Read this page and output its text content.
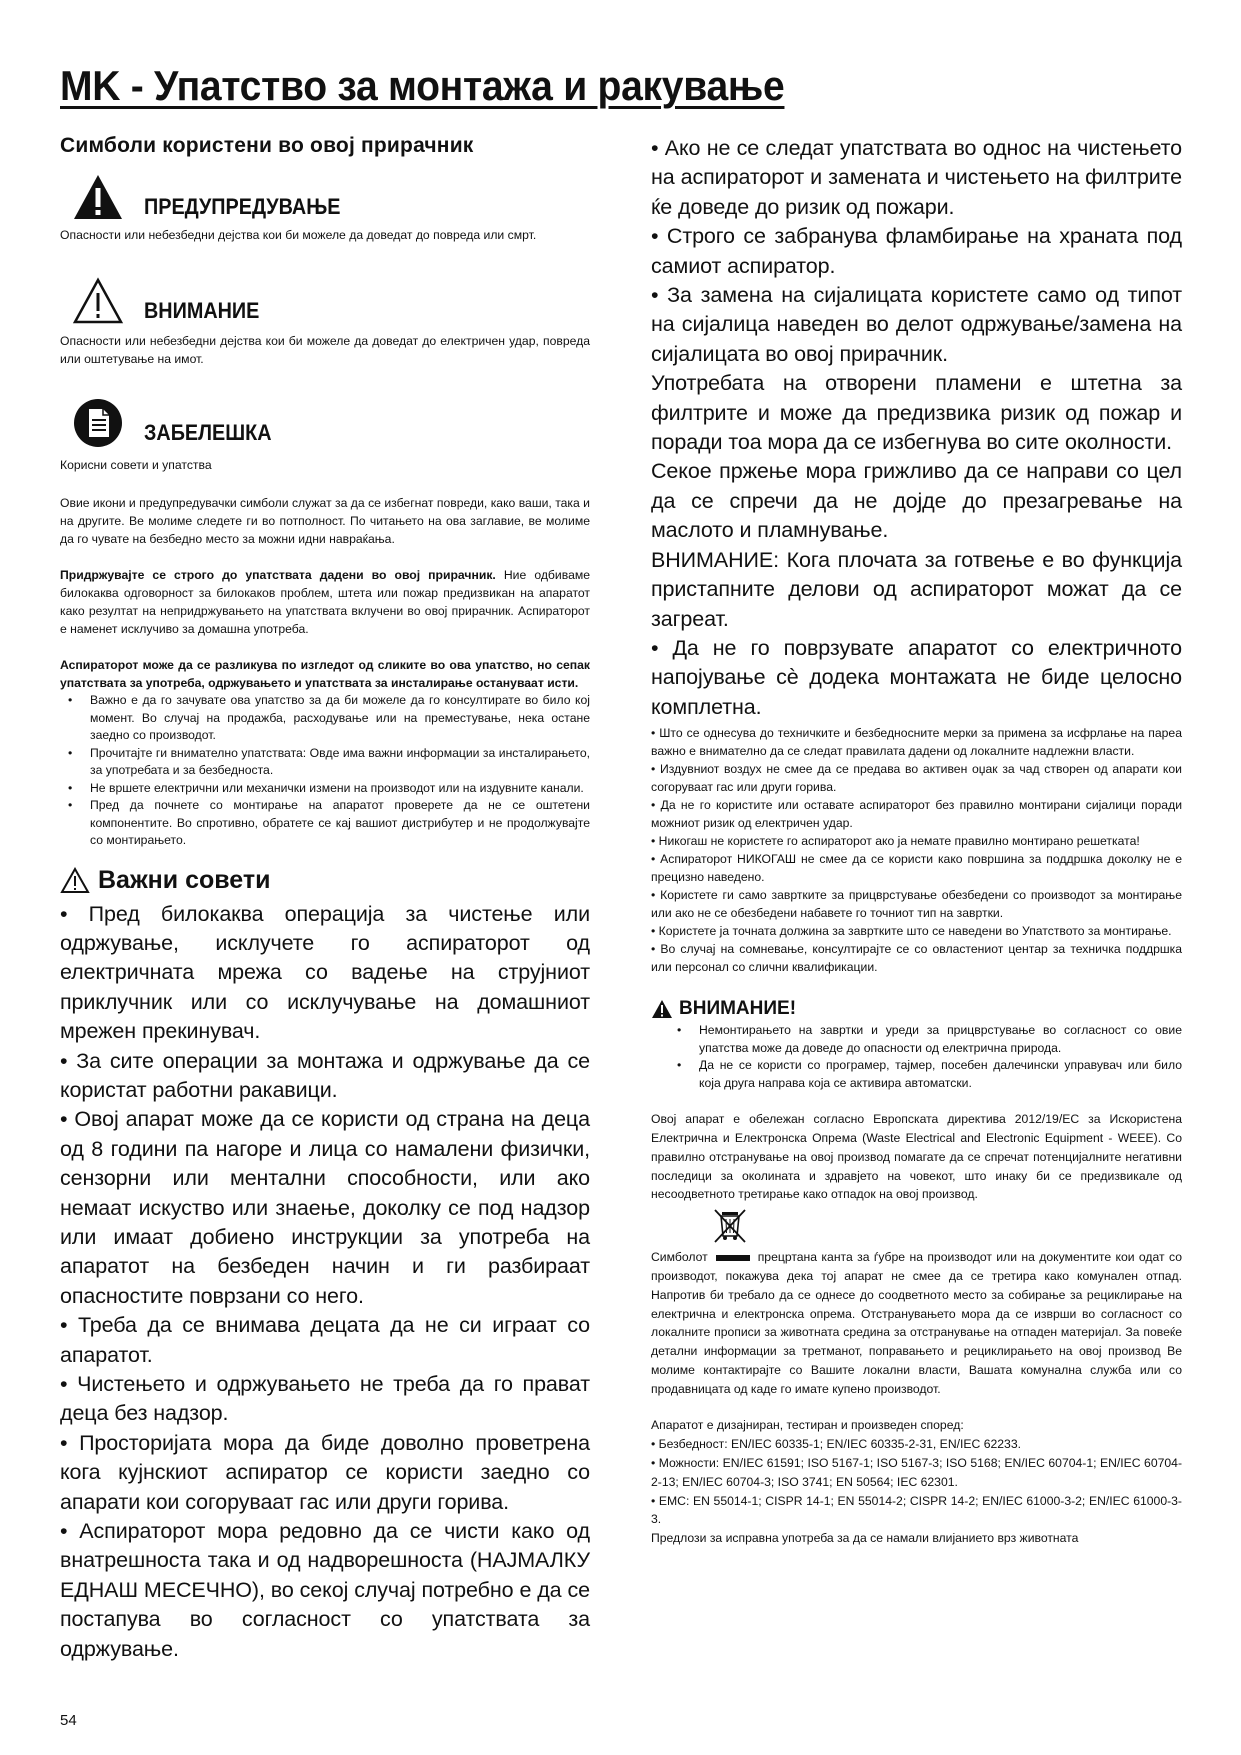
MK - Упатство за монтажа и ракување
Симболи користени во овој прирачник
ПРЕДУПРЕДУВАЊЕ

Опасности или небезбедни дејства кои би можеле да доведат до повреда или смрт.

ВНИМАНИЕ

Опасности или небезбедни дејства кои би можеле да доведат до електричен удар, повреда или оштетување на имот.

ЗАБЕЛЕШКА

Корисни совети и упатства

Овие икони и предупредувачки симболи служат за да се избегнат повреди, како ваши, така и на другите. Ве молиме следете ги во потполност. По читањето на ова заглавие, ве молиме да го чувате на безбедно место за можни идни навраќања.

Придржувајте се строго до упатствата дадени во овој прирачник. Ние одбиваме билокаква одговорност за билокаков проблем, штета или пожар предизвикан на апаратот како резултат на непридржувањето на упатствата вклучени во овој прирачник. Аспираторот е наменет исклучиво за домашна употреба.

Аспираторот може да се разликува по изгледот од сликите во ова упатство, но сепак упатствата за употреба, одржувањето и упатствата за инсталирање остануваат исти.

• Важно е да го зачувате ова упатство за да би можеле да го консултирате во било кој момент. Во случај на продажба, расходување или на преместување, нека остане заедно со производот.
• Прочитајте ги внимателно упатствата: Овде има важни информации за инсталирањето, за употребата и за безбедноста.
• Не вршете електрични или механички измени на производот или на издувните канали.
• Пред да почнете со монтирање на апаратот проверете да не се оштетени компонентите. Во спротивно, обратете се кај вашиот дистрибутер и не продолжувајте со монтирањето.
Важни совети

• Пред билокаква операција за чистење или одржување, исклучете го аспираторот од електричната мрежа со вадење на струјниот приклучник или со исклучување на домашниот мрежен прекинувач.

• За сите операции за монтажа и одржување да се користат работни ракавици.

• Овој апарат може да се користи од страна на деца од 8 години па нагоре и лица со намалени физички, сензорни или ментални способности, или ако немаат искуство или знаење, доколку се под надзор или имаат добиено инструкции за употреба на апаратот на безбеден начин и ги разбираат опасностите поврзани со него.

• Треба да се внимава децата да не си играат со апаратот.

• Чистењето и одржувањето не треба да го прават деца без надзор.

• Просторијата мора да биде доволно проветрена кога кујнскиот аспиратор се користи заедно со апарати кои согоруваат гас или други горива.

• Аспираторот мора редовно да се чисти како од внатрешноста така и од надворешноста (НАЈМАЛКУ ЕДНАШ МЕСЕЧНО), во секој случај потребно е да се постапува во согласност со упатствата за одржување.

• Ако не се следат упатствата во однос на чистењето на аспираторот и замената и чистењето на филтрите ќе доведе до ризик од пожари.

• Строго се забранува фламбирање на храната под самиот аспиратор.

• За замена на сијалицата користете само од типот на сијалица наведен во делот одржување/замена на сијалицата во овој прирачник.

Употребата на отворени пламени е штетна за филтрите и може да предизвика ризик од пожар и поради тоа мора да се избегнува во сите околности.

Секое пржење мора грижливо да се направи со цел да се спречи да не дојде до презагревање на маслото и пламнување.

ВНИМАНИЕ: Кога плочата за готвење е во функција пристапните делови од аспираторот можат да се загреат.

• Да не го поврзувате апаратот со електричното напојување сѐ додека монтажата не биде целосно комплетна.

• Што се однесува до техничките и безбедносните мерки за примена за исфрлање на пареа важно е внимателно да се следат правилата дадени од локалните надлежни власти.

• Издувниот воздух не смее да се предава во активен оџак за чад створен од апарати кои согоруваат гас или други горива.

• Да не го користите или оставате аспираторот без правилно монтирани сијалици поради можниот ризик од електричен удар.

• Никогаш не користете го аспираторот ако ја немате правилно монтирано решетката!

• Аспираторот НИКОГАШ не смее да се користи како површина за поддршка доколку не е прецизно наведено.

• Користете ги само завртките за прицврстување обезбедени со производот за монтирање или ако не се обезбедени набавете го точниот тип на завртки.

• Користете ја точната должина за завртките што се наведени во Упатството за монтирање.

• Во случај на сомневање, консултирајте се со овластениот центар за техничка поддршка или персонал со слични квалификации.

ВНИМАНИЕ!
• Немонтирањето на завртки и уреди за прицврстување во согласност со овие упатства може да доведе до опасности од електрична природа.
• Да не се користи со програмер, тајмер, посебен далечински управувач или било која друга направа која се активира автоматски.

Овој апарат е обележан согласно Европската директива 2012/19/ЕС за Искористена Електрична и Електронска Опрема (Waste Electrical and Electronic Equipment - WEEE). Со правилно отстранување на овој производ помагате да се спречат потенцијалните негативни последици за околината и здравјето на човекот, што инаку би се предизвикале од несоодветното третирање како отпадок на овој производ.

Симболот	прецртана канта за ѓубре на производот или на документите кои одат со производот, покажува дека тој апарат не смее да се третира како комунален отпад. Напротив би требало да се однесе до соодветното место за собирање за рециклирање на електрична и електронска опрема. Отстранувањето мора да се изврши во согласност со локалните прописи за животната средина за отстранување на отпаден материјал. За повеќе детални информации за третманот, поправањето и рециклирањето на овој производ Ве молиме контактирајте со Вашите локални власти, Вашата комунална служба или со продавницата од каде го имате купено производот.

Апаратот е дизајниран, тестиран и произведен според:

• Безбедност: EN/IEC 60335-1; EN/IEC 60335-2-31, EN/IEC 62233.

• Можности: EN/IEC 61591; ISO 5167-1; ISO 5167-3; ISO 5168; EN/IEC 60704-1; EN/IEC 60704-2-13; EN/IEC 60704-3; ISO 3741; EN 50564; IEC 62301.

• EMC: EN 55014-1; CISPR 14-1; EN 55014-2; CISPR 14-2; EN/IEC 61000-3-2; EN/IEC 61000-3-3.

Предлози за исправна употреба за да се намали влијанието врз животната

54
